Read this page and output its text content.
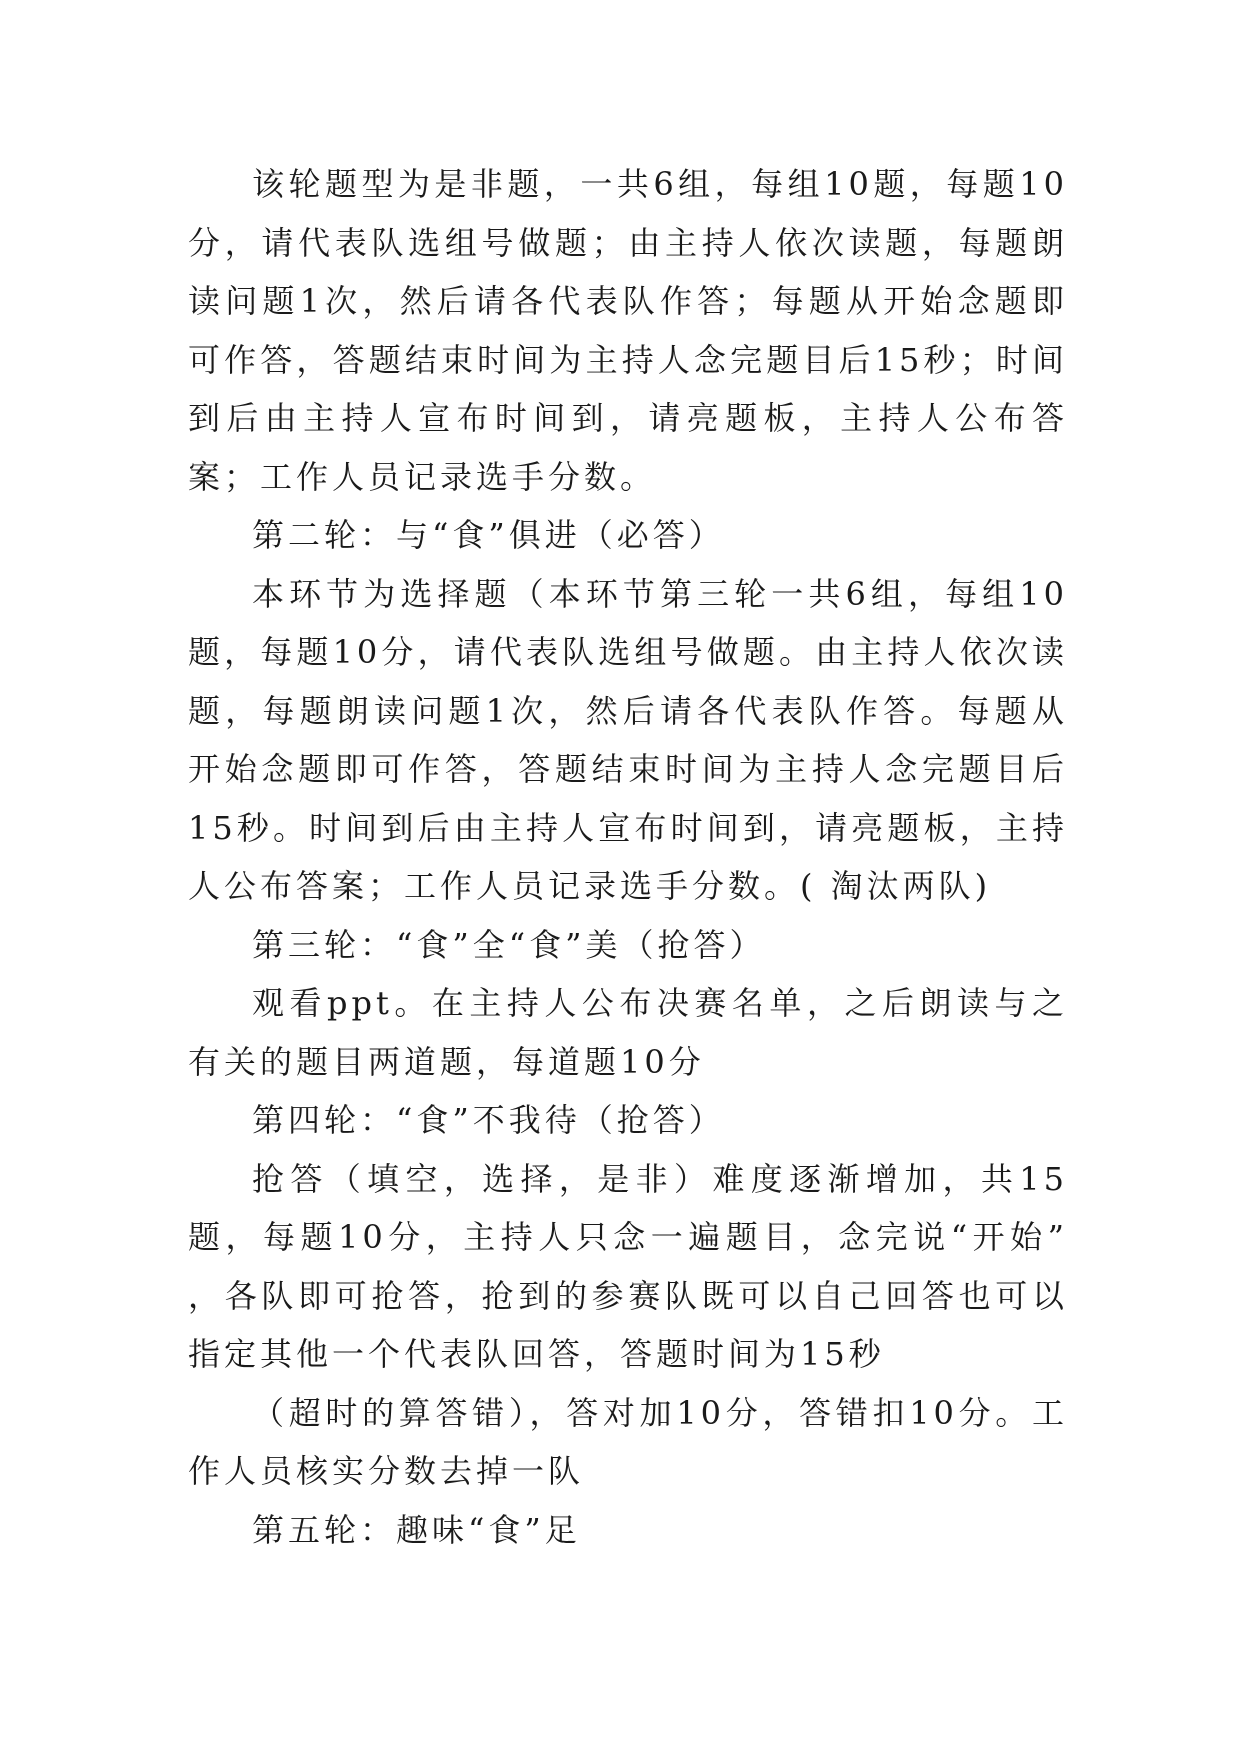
该轮题型为是非题，一共6组，每组10题，每题10分，请代表队选组号做题；由主持人依次读题，每题朗读问题1次，然后请各代表队作答；每题从开始念题即可作答，答题结束时间为主持人念完题目后15秒；时间到后由主持人宣布时间到，请亮题板，主持人公布答案；工作人员记录选手分数。

第二轮：与“食”俱进（必答）

本环节为选择题（本环节第三轮一共6组，每组10题，每题10分，请代表队选组号做题。由主持人依次读题，每题朗读问题1次，然后请各代表队作答。每题从开始念题即可作答，答题结束时间为主持人念完题目后15秒。时间到后由主持人宣布时间到，请亮题板，主持人公布答案；工作人员记录选手分数。( 淘汰两队)

第三轮：“食”全“食”美（抢答）

观看ppt。在主持人公布决赛名单，之后朗读与之有关的题目两道题，每道题10分

第四轮：“食”不我待（抢答）

抢答（填空，选择，是非）难度逐渐增加，共15题，每题10分，主持人只念一遍题目，念完说“开始” ，各队即可抢答，抢到的参赛队既可以自己回答也可以指定其他一个代表队回答，答题时间为15秒

（超时的算答错），答对加10分，答错扣10分。工作人员核实分数去掉一队

第五轮：趣味“食”足
